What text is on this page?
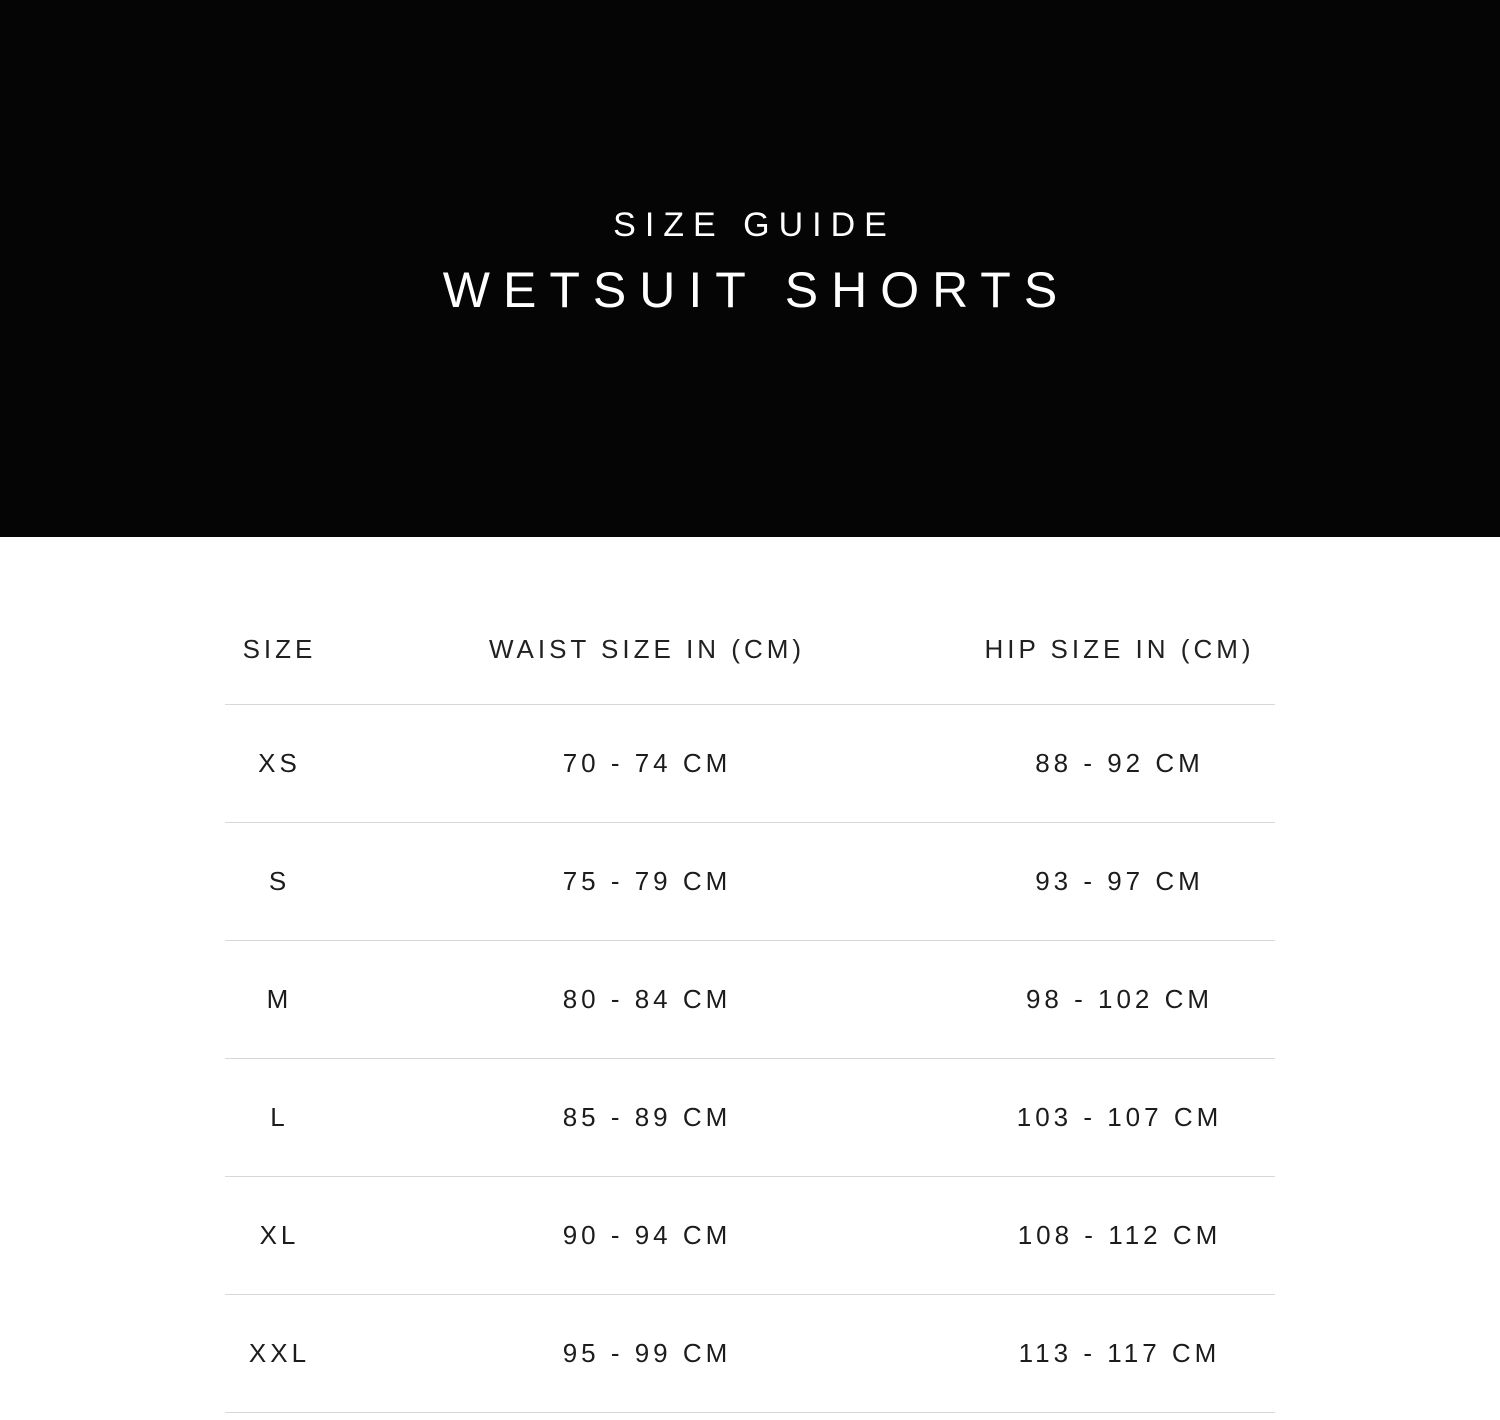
SIZE GUIDE
WETSUIT SHORTS
SIZE	WAIST SIZE IN (CM)	HIP SIZE IN (CM)
XS	70 - 74 CM	88 - 92 CM
S	75 - 79 CM	93 - 97 CM
M	80 - 84 CM	98 - 102 CM
L	85 - 89 CM	103 - 107 CM
XL	90 - 94 CM	108 - 112 CM
XXL	95 - 99 CM	113 - 117 CM
